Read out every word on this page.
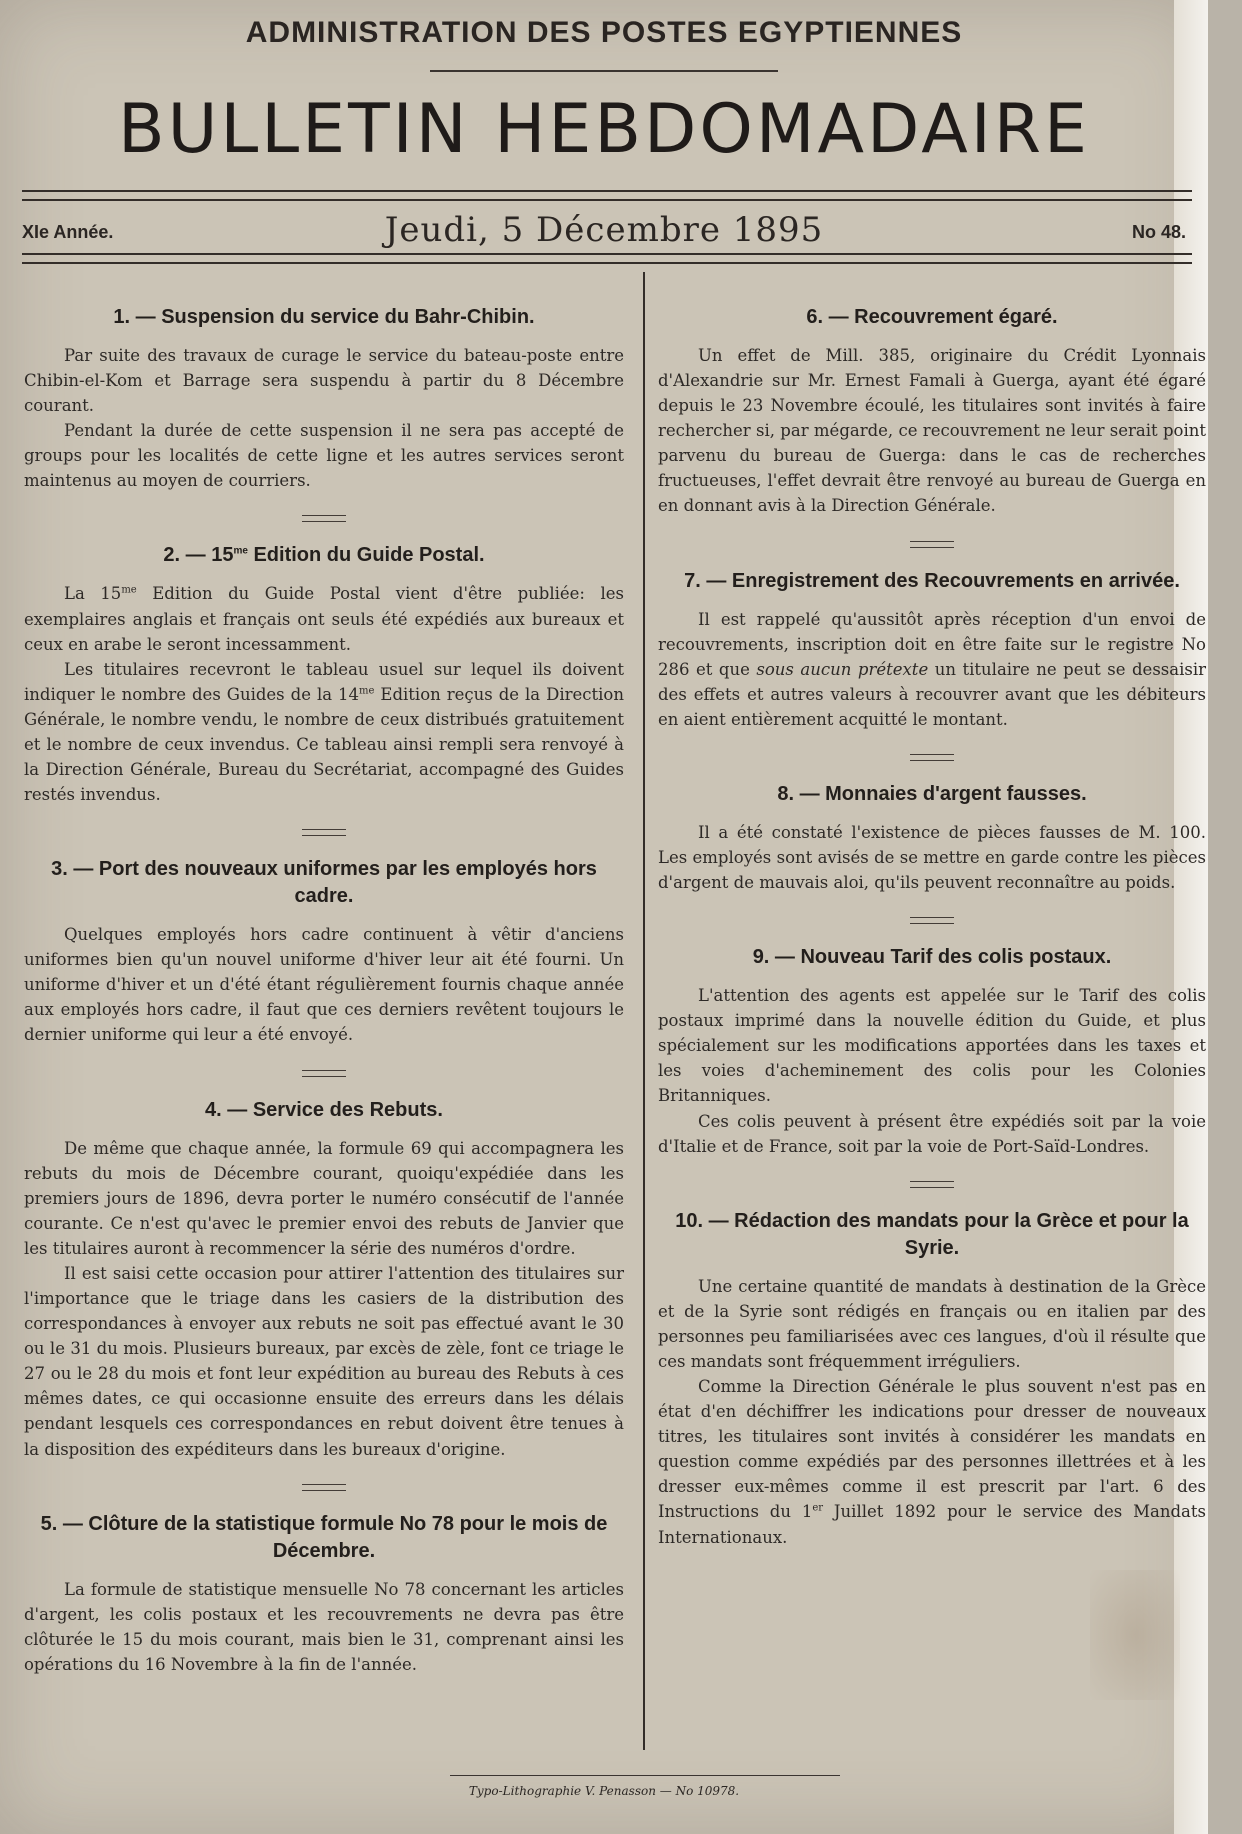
ADMINISTRATION DES POSTES EGYPTIENNES
BULLETIN HEBDOMADAIRE
XIe Année.	Jeudi, 5 Décembre 1895	No 48.
1. — Suspension du service du Bahr-Chibin.

Par suite des travaux de curage le service du bateau-poste entre Chibin-el-Kom et Barrage sera suspendu à partir du 8 Décembre courant.

Pendant la durée de cette suspension il ne sera pas accepté de groups pour les localités de cette ligne et les autres services seront maintenus au moyen de courriers.

2. — $15^{me}$ Edition du Guide Postal.

La $15^{me}$ Edition du Guide Postal vient d'être publiée: les exemplaires anglais et français ont seuls été expédiés aux bureaux et ceux en arabe le seront incessamment.

Les titulaires recevront le tableau usuel sur lequel ils doivent indiquer le nombre des Guides de la $14^{me}$ Edition reçus de la Direction Générale, le nombre vendu, le nombre de ceux distribués gratuitement et le nombre de ceux invendus. Ce tableau ainsi rempli sera renvoyé à la Direction Générale, Bureau du Secrétariat, accompagné des Guides restés invendus.

3. — Port des nouveaux uniformes par les employés hors cadre.

Quelques employés hors cadre continuent à vêtir d'anciens uniformes bien qu'un nouvel uniforme d'hiver leur ait été fourni. Un uniforme d'hiver et un d'été étant régulièrement fournis chaque année aux employés hors cadre, il faut que ces derniers revêtent toujours le dernier uniforme qui leur a été envoyé.

4. — Service des Rebuts.

De même que chaque année, la formule 69 qui accompagnera les rebuts du mois de Décembre courant, quoiqu'expédiée dans les premiers jours de 1896, devra porter le numéro consécutif de l'année courante. Ce n'est qu'avec le premier envoi des rebuts de Janvier que les titulaires auront à recommencer la série des numéros d'ordre.

Il est saisi cette occasion pour attirer l'attention des titulaires sur l'importance que le triage dans les casiers de la distribution des correspondances à envoyer aux rebuts ne soit pas effectué avant le 30 ou le 31 du mois. Plusieurs bureaux, par excès de zèle, font ce triage le 27 ou le 28 du mois et font leur expédition au bureau des Rebuts à ces mêmes dates, ce qui occasionne ensuite des erreurs dans les délais pendant lesquels ces correspondances en rebut doivent être tenues à la disposition des expéditeurs dans les bureaux d'origine.

5. — Clôture de la statistique formule No 78 pour le mois de Décembre.

La formule de statistique mensuelle No 78 concernant les articles d'argent, les colis postaux et les recouvrements ne devra pas être clôturée le 15 du mois courant, mais bien le 31, comprenant ainsi les opérations du 16 Novembre à la fin de l'année.

6. — Recouvrement égaré.

Un effet de Mill. 385, originaire du Crédit Lyonnais d'Alexandrie sur Mr. Ernest Famali à Guerga, ayant été égaré depuis le 23 Novembre écoulé, les titulaires sont invités à faire rechercher si, par mégarde, ce recouvrement ne leur serait point parvenu du bureau de Guerga: dans le cas de recherches fructueuses, l'effet devrait être renvoyé au bureau de Guerga en en donnant avis à la Direction Générale.

7. — Enregistrement des Recouvrements en arrivée.

Il est rappelé qu'aussitôt après réception d'un envoi de recouvrements, inscription doit en être faite sur le registre No 286 et que sous aucun prétexte un titulaire ne peut se dessaisir des effets et autres valeurs à recouvrer avant que les débiteurs en aient entièrement acquitté le montant.

8. — Monnaies d'argent fausses.

Il a été constaté l'existence de pièces fausses de M. 100. Les employés sont avisés de se mettre en garde contre les pièces d'argent de mauvais aloi, qu'ils peuvent reconnaître au poids.

9. — Nouveau Tarif des colis postaux.

L'attention des agents est appelée sur le Tarif des colis postaux imprimé dans la nouvelle édition du Guide, et plus spécialement sur les modifications apportées dans les taxes et les voies d'acheminement des colis pour les Colonies Britanniques.

Ces colis peuvent à présent être expédiés soit par la voie d'Italie et de France, soit par la voie de Port-Saïd-Londres.

10. — Rédaction des mandats pour la Grèce et pour la Syrie.

Une certaine quantité de mandats à destination de la Grèce et de la Syrie sont rédigés en français ou en italien par des personnes peu familiarisées avec ces langues, d'où il résulte que ces mandats sont fréquemment irréguliers.

Comme la Direction Générale le plus souvent n'est pas en état d'en déchiffrer les indications pour dresser de nouveaux titres, les titulaires sont invités à considérer les mandats en question comme expédiés par des personnes illettrées et à les dresser eux-mêmes comme il est prescrit par l'art. 6 des Instructions du 1er Juillet 1892 pour le service des Mandats Internationaux.

Typo-Lithographie V. Penasson — No 10978.
